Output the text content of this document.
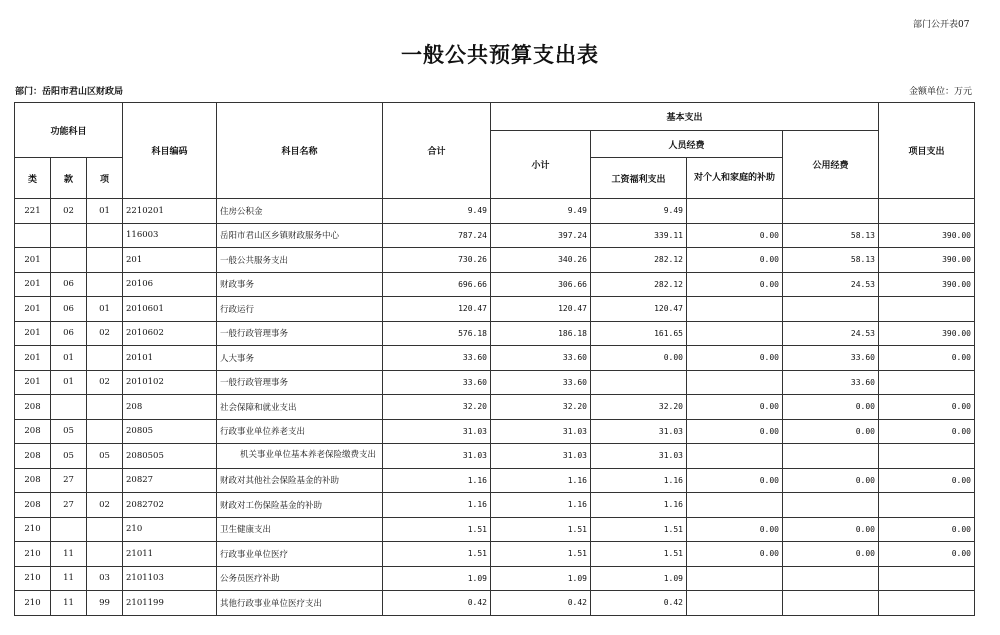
部门公开表07
一般公共预算支出表
部门：岳阳市君山区财政局	金额单位：万元
功能科目			科目编码	科目名称	合计	基本支出				项目支出
						小计	人员经费		公用经费	
类	款	项					工资福利支出	对个人和家庭的补助		
221	02	01	2210201	住房公积金	9.49	9.49	9.49			
			116003	岳阳市君山区乡镇财政服务中心	787.24	397.24	339.11	0.00	58.13	390.00
201			201	一般公共服务支出	730.26	340.26	282.12	0.00	58.13	390.00
201	06		20106	财政事务	696.66	306.66	282.12	0.00	24.53	390.00
201	06	01	2010601	行政运行	120.47	120.47	120.47			
201	06	02	2010602	一般行政管理事务	576.18	186.18	161.65		24.53	390.00
201	01		20101	人大事务	33.60	33.60	0.00	0.00	33.60	0.00
201	01	02	2010102	一般行政管理事务	33.60	33.60			33.60	
208			208	社会保障和就业支出	32.20	32.20	32.20	0.00	0.00	0.00
208	05		20805	行政事业单位养老支出	31.03	31.03	31.03	0.00	0.00	0.00
208	05	05	2080505	机关事业单位基本养老保险缴费支出	31.03	31.03	31.03			
208	27		20827	财政对其他社会保险基金的补助	1.16	1.16	1.16	0.00	0.00	0.00
208	27	02	2082702	财政对工伤保险基金的补助	1.16	1.16	1.16			
210			210	卫生健康支出	1.51	1.51	1.51	0.00	0.00	0.00
210	11		21011	行政事业单位医疗	1.51	1.51	1.51	0.00	0.00	0.00
210	11	03	2101103	公务员医疗补助	1.09	1.09	1.09			
210	11	99	2101199	其他行政事业单位医疗支出	0.42	0.42	0.42			
